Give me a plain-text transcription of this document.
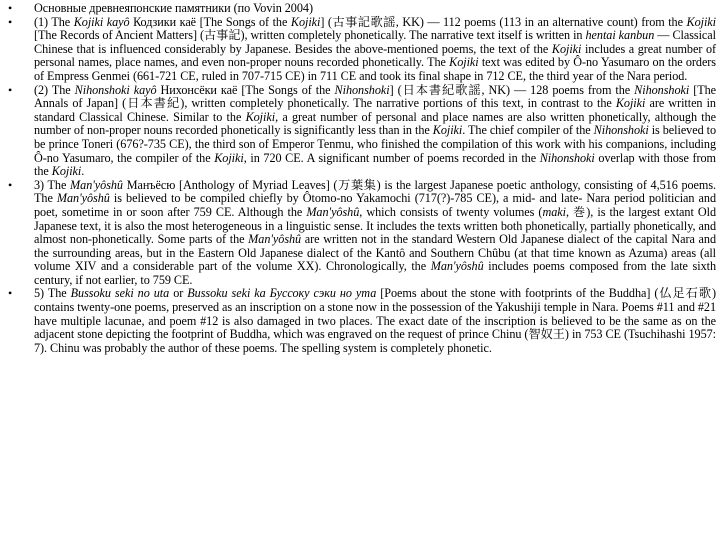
• Основные древнеяпонские памятники (по Vovin 2004)
• (1) The Kojiki kayô Кодзики каё [The Songs of the Kojiki] (古事記歌謡, KK) — 112 poems (113 in an alternative count) from the Kojiki [The Records of Ancient Matters] (古事記), written completely phonetically. The narrative text itself is written in hentai kanbun — Classical Chinese that is influenced considerably by Japanese. Besides the above-mentioned poems, the text of the Kojiki includes a great number of personal names, place names, and even non-proper nouns recorded phonetically. The Kojiki text was edited by Ô-no Yasumaro on the orders of Empress Genmei (661-721 CE, ruled in 707-715 CE) in 711 CE and took its final shape in 712 CE, the third year of the Nara period.
• (2) The Nihonshoki kayô Нихонсёки каё [The Songs of the Nihonshoki] (日本書紀歌謡, NK) — 128 poems from the Nihonshoki [The Annals of Japan] (日本書紀), written completely phonetically. The narrative portions of this text, in contrast to the Kojiki are written in standard Classical Chinese. Similar to the Kojiki, a great number of personal and place names are also written phonetically, although the number of non-proper nouns recorded phonetically is significantly less than in the Kojiki. The chief compiler of the Nihonshoki is believed to be prince Toneri (676?-735 CE), the third son of Emperor Tenmu, who finished the compilation of this work with his companions, including Ô-no Yasumaro, the compiler of the Kojiki, in 720 CE. A significant number of poems recorded in the Nihonshoki overlap with those from the Kojiki.
• 3) The Man'yôshû Манъёсю [Anthology of Myriad Leaves] (万葉集) is the largest Japanese poetic anthology, consisting of 4,516 poems. The Man'yôshû is believed to be compiled chiefly by Ôtomo-no Yakamochi (717(?)-785 CE), a mid- and late- Nara period politician and poet, sometime in or soon after 759 CE. Although the Man'yôshû, which consists of twenty volumes (maki, 巻), is the largest extant Old Japanese text, it is also the most heterogeneous in a linguistic sense. It includes the texts written both phonetically, partially phonetically, and almost non-phonetically. Some parts of the Man'yôshû are written not in the standard Western Old Japanese dialect of the capital Nara and the surrounding areas, but in the Eastern Old Japanese dialect of the Kantô and Southern Chûbu (at that time known as Azuma) areas (all volume XIV and a considerable part of the volume XX). Chronologically, the Man'yôshû includes poems composed from the late sixth century, if not earlier, to 759 CE.
• 5) The Bussoku seki no uta or Bussoku seki ka Буссоку сэки но ута [Poems about the stone with footprints of the Buddha] (仏足石歌) contains twenty-one poems, preserved as an inscription on a stone now in the possession of the Yakushiji temple in Nara. Poems #11 and #21 have multiple lacunae, and poem #12 is also damaged in two places. The exact date of the inscription is believed to be the same as on the adjacent stone depicting the footprint of Buddha, which was engraved on the request of prince Chinu (智奴王) in 753 CE (Tsuchihashi 1957: 7). Chinu was probably the author of these poems. The spelling system is completely phonetic.
